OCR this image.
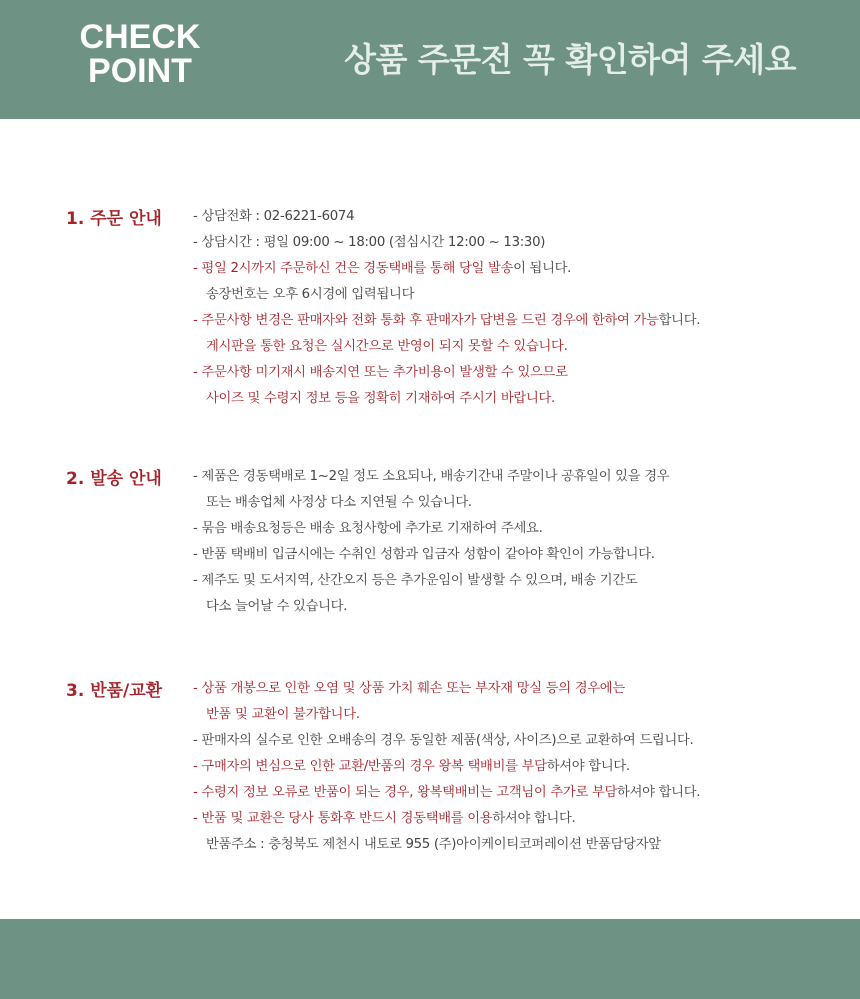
CHECK
POINT	상품 주문전 꼭 확인하여 주세요
1. 주문 안내 - 상담전화 : 02-6221-6074
- 상담시간 : 평일 09:00 ~ 18:00 (점심시간 12:00 ~ 13:30)
- 평일 2시까지 주문하신 건은 경동택배를 통해 당일 발송이 됩니다.
송장번호는 오후 6시경에 입력됩니다
- 주문사항 변경은 판매자와 전화 통화 후 판매자가 답변을 드린 경우에 한하여 가능합니다.
게시판을 통한 요청은 실시간으로 반영이 되지 못할 수 있습니다.
- 주문사항 미기재시 배송지연 또는 추가비용이 발생할 수 있으므로
사이즈 및 수령지 정보 등을 정확히 기재하여 주시기 바랍니다.
2. 발송 안내 - 제품은 경동택배로 1~2일 정도 소요되나, 배송기간내 주말이나 공휴일이 있을 경우
또는 배송업체 사정상 다소 지연될 수 있습니다.
- 묶음 배송요청등은 배송 요청사항에 추가로 기재하여 주세요.
- 반품 택배비 입금시에는 수취인 성함과 입금자 성함이 같아야 확인이 가능합니다.
- 제주도 및 도서지역, 산간오지 등은 추가운임이 발생할 수 있으며, 배송 기간도
다소 늘어날 수 있습니다.
3. 반품/교환 - 상품 개봉으로 인한 오염 및 상품 가치 훼손 또는 부자재 망실 등의 경우에는
반품 및 교환이 불가합니다.
- 판매자의 실수로 인한 오배송의 경우 동일한 제품(색상, 사이즈)으로 교환하여 드립니다.
- 구매자의 변심으로 인한 교환/반품의 경우 왕복 택배비를 부담하셔야 합니다.
- 수령지 정보 오류로 반품이 되는 경우, 왕복택배비는 고객님이 추가로 부담하셔야 합니다.
- 반품 및 교환은 당사 통화후 반드시 경동택배를 이용하셔야 합니다.
반품주소 : 충청북도 제천시 내토로 955 (주)아이케이티코퍼레이션 반품담당자앞
